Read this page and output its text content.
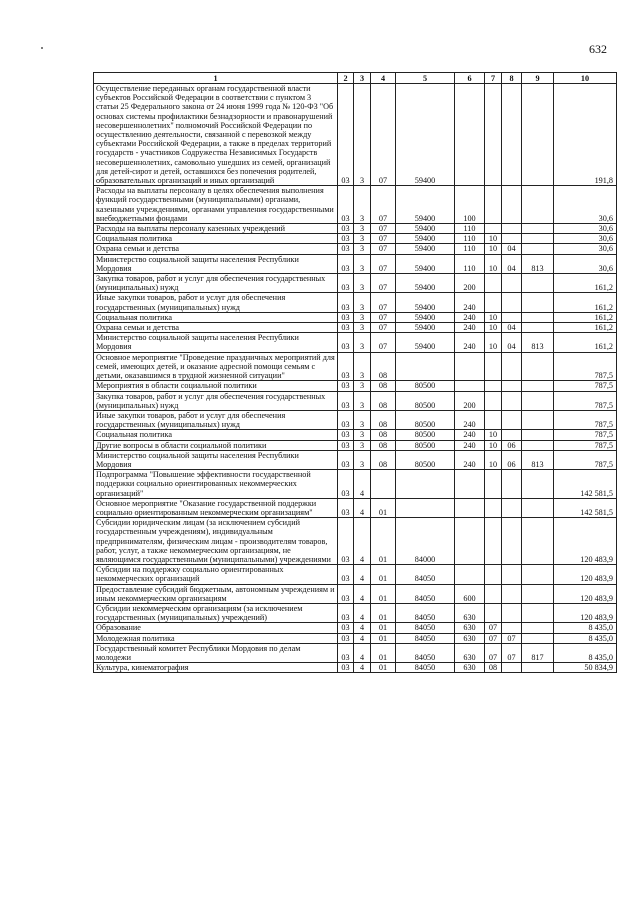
632
1	2	3	4	5	6	7	8	9	10
Осуществление переданных органам государственной власти субъектов Российской Федерации в соответствии с пунктом 3 статьи 25 Федерального закона от 24 июня 1999 года № 120-ФЗ "Об основах системы профилактики безнадзорности и правонарушений несовершеннолетних" полномочий Российской Федерации по осуществлению деятельности, связанной с перевозкой между субъектами Российской Федерации, а также в пределах территорий государств - участников Содружества Независимых Государств несовершеннолетних, самовольно ушедших из семей, организаций для детей-сирот и детей, оставшихся без попечения родителей, образовательных организаций и иных организаций	03	3	07	59400					191,8
Расходы на выплаты персоналу в целях обеспечения выполнения функций государственными (муниципальными) органами, казенными учреждениями, органами управления государственными внебюджетными фондами	03	3	07	59400	100				30,6
Расходы на выплаты персоналу казенных учреждений	03	3	07	59400	110				30,6
Социальная политика	03	3	07	59400	110	10			30,6
Охрана семьи и детства	03	3	07	59400	110	10	04		30,6
Министерство социальной защиты населения Республики Мордовия	03	3	07	59400	110	10	04	813	30,6
Закупка товаров, работ и услуг для обеспечения государственных (муниципальных) нужд	03	3	07	59400	200				161,2
Иные закупки товаров, работ и услуг для обеспечения государственных (муниципальных) нужд	03	3	07	59400	240				161,2
Социальная политика	03	3	07	59400	240	10			161,2
Охрана семьи и детства	03	3	07	59400	240	10	04		161,2
Министерство социальной защиты населения Республики Мордовия	03	3	07	59400	240	10	04	813	161,2
Основное мероприятие "Проведение праздничных мероприятий для семей, имеющих детей, и оказание адресной помощи семьям с детьми, оказавшимся в трудной жизненной ситуации"	03	3	08						787,5
Мероприятия в области социальной политики	03	3	08	80500					787,5
Закупка товаров, работ и услуг для обеспечения государственных (муниципальных) нужд	03	3	08	80500	200				787,5
Иные закупки товаров, работ и услуг для обеспечения государственных (муниципальных) нужд	03	3	08	80500	240				787,5
Социальная политика	03	3	08	80500	240	10			787,5
Другие вопросы в области социальной политики	03	3	08	80500	240	10	06		787,5
Министерство социальной защиты населения Республики Мордовия	03	3	08	80500	240	10	06	813	787,5
Подпрограмма "Повышение эффективности государственной поддержки социально ориентированных некоммерческих организаций"	03	4							142 581,5
Основное мероприятие "Оказание государственной поддержки социально ориентированным некоммерческим организациям"	03	4	01						142 581,5
Субсидии юридическим лицам (за исключением субсидий государственным учреждениям), индивидуальным предпринимателям, физическим лицам - производителям товаров, работ, услуг, а также некоммерческим организациям, не являющимся государственными (муниципальными) учреждениями	03	4	01	84000					120 483,9
Субсидии на поддержку социально ориентированных некоммерческих организаций	03	4	01	84050					120 483,9
Предоставление субсидий бюджетным, автономным учреждениям и иным некоммерческим организациям	03	4	01	84050	600				120 483,9
Субсидии некоммерческим организациям (за исключением государственных (муниципальных) учреждений)	03	4	01	84050	630				120 483,9
Образование	03	4	01	84050	630	07			8 435,0
Молодежная политика	03	4	01	84050	630	07	07		8 435,0
Государственный комитет Республики Мордовия по делам молодежи	03	4	01	84050	630	07	07	817	8 435,0
Культура, кинематография	03	4	01	84050	630	08			50 834,9
